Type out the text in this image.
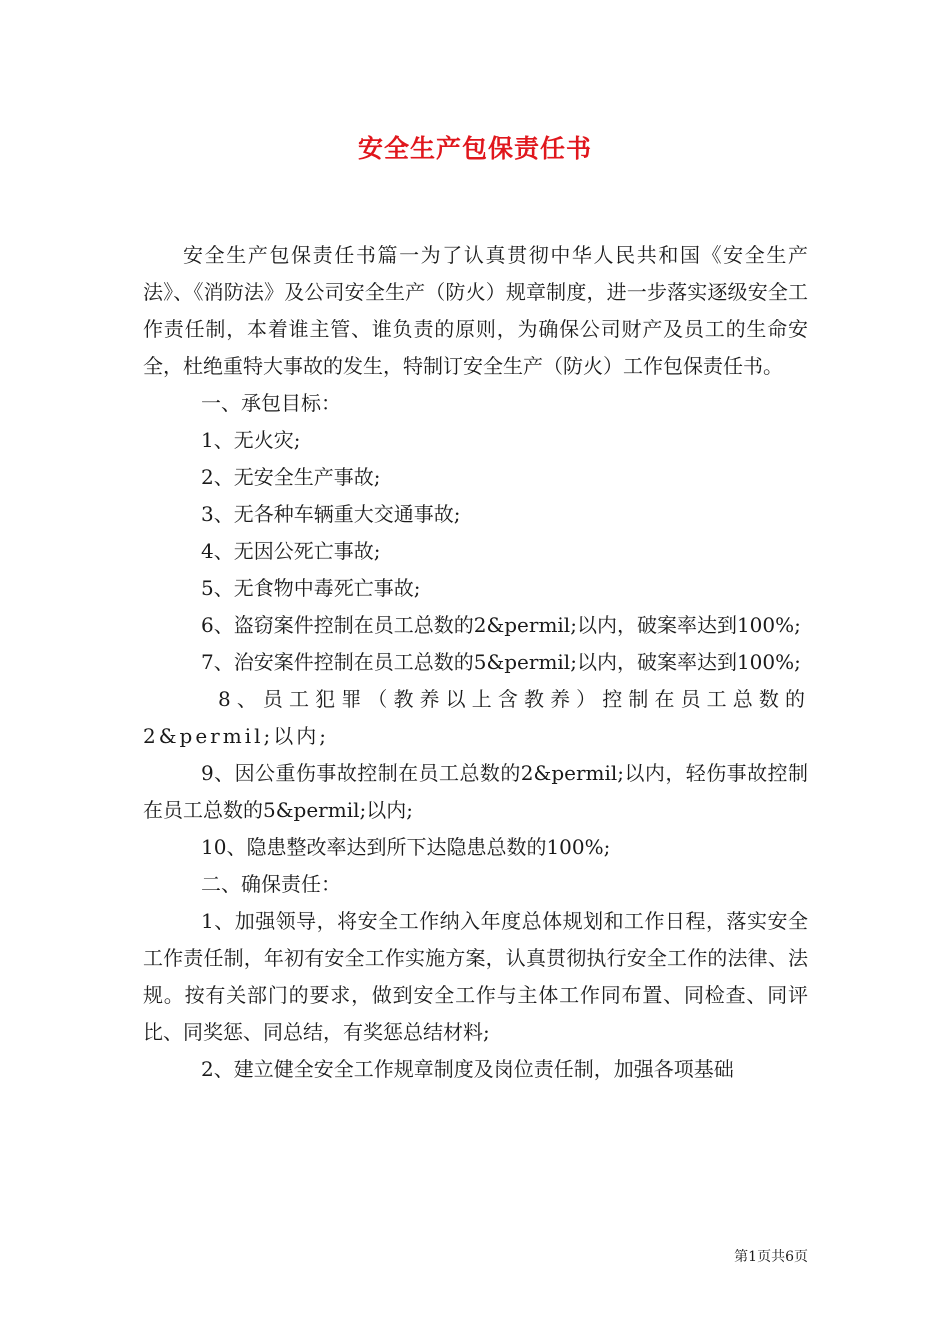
安全生产包保责任书

安全生产包保责任书篇一为了认真贯彻中华人民共和国《安全生产法》、《消防法》及公司安全生产（防火）规章制度，进一步落实逐级安全工作责任制，本着谁主管、谁负责的原则，为确保公司财产及员工的生命安全，杜绝重特大事故的发生，特制订安全生产（防火）工作包保责任书。

一、承包目标：

1、无火灾;

2、无安全生产事故;

3、无各种车辆重大交通事故;

4、无因公死亡事故;

5、无食物中毒死亡事故;

6、盗窃案件控制在员工总数的2&permil;以内，破案率达到100%;

7、治安案件控制在员工总数的5&permil;以内，破案率达到100%;

8、员工犯罪（教养以上含教养）控制在员工总数的2&permil;以内;

9、因公重伤事故控制在员工总数的2&permil;以内，轻伤事故控制在员工总数的5&permil;以内;

10、隐患整改率达到所下达隐患总数的100%;

二、确保责任：

1、加强领导，将安全工作纳入年度总体规划和工作日程，落实安全工作责任制，年初有安全工作实施方案，认真贯彻执行安全工作的法律、法规。按有关部门的要求，做到安全工作与主体工作同布置、同检查、同评比、同奖惩、同总结，有奖惩总结材料;

2、建立健全安全工作规章制度及岗位责任制，加强各项基础

第1页共6页
